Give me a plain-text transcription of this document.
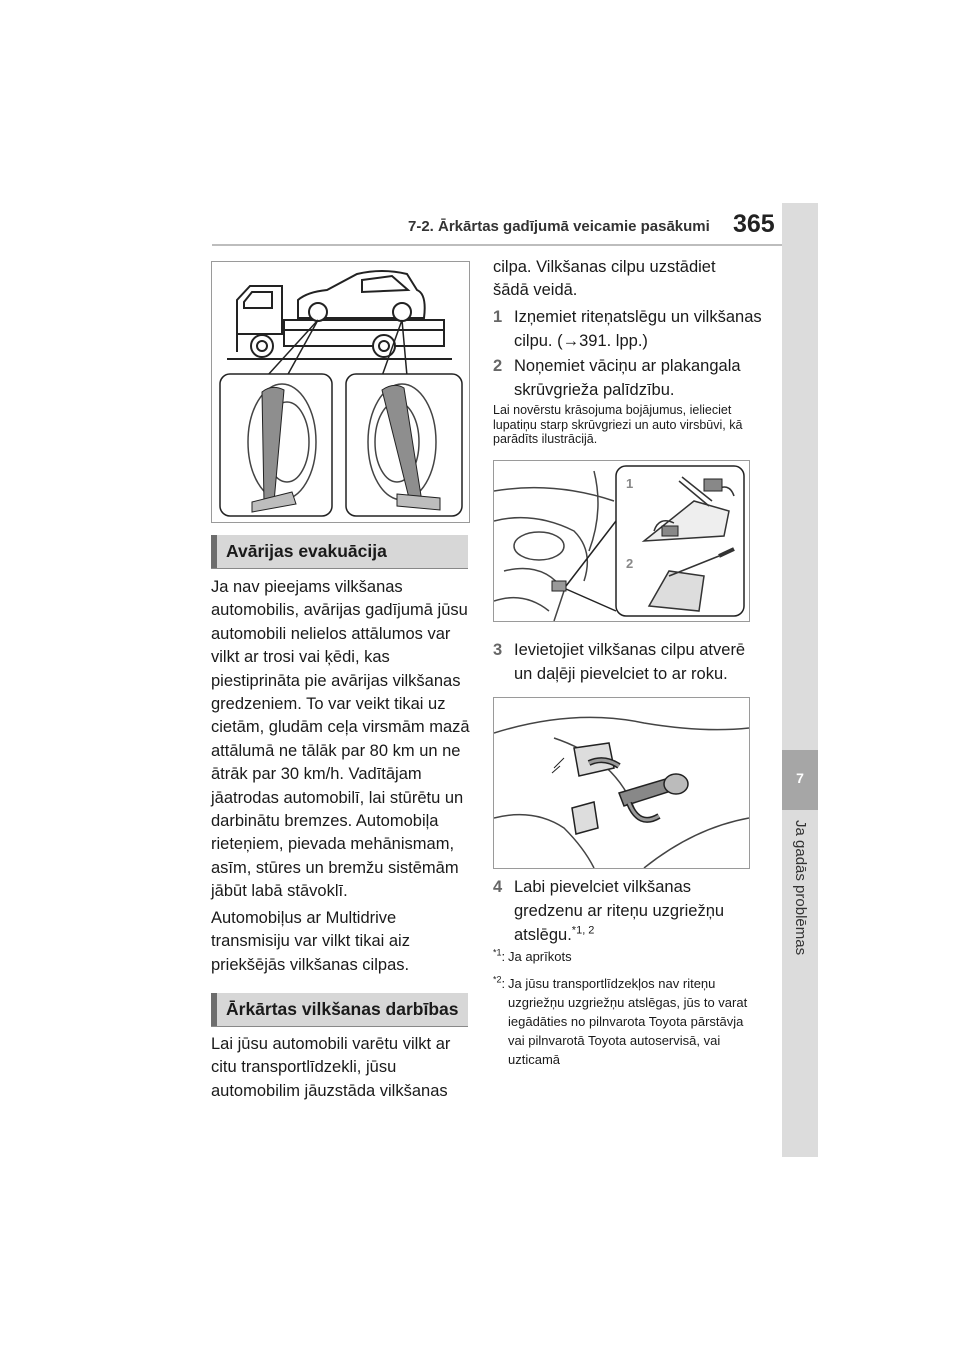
7-2. Ārkārtas gadījumā veicamie pasākumi 365
7
Ja gadās problēmas
Avārijas evakuācija
Ja nav pieejams vilkšanas automobilis, avārijas gadījumā jūsu automobili nelielos attālumos var vilkt ar trosi vai ķēdi, kas piestiprināta pie avārijas vilkšanas gredzeniem. To var veikt tikai uz cietām, gludām ceļa virsmām mazā attālumā ne tālāk par 80 km un ne ātrāk par 30 km/h. Vadītājam jāatrodas automobilī, lai stūrētu un darbinātu bremzes. Automobiļa rieteņiem, pievada mehānismam, asīm, stūres un bremžu sistēmām jābūt labā stāvoklī.
Automobiļus ar Multidrive transmisiju var vilkt tikai aiz priekšējās vilkšanas cilpas.
Ārkārtas vilkšanas darbības
Lai jūsu automobili varētu vilkt ar citu transportlīdzekli, jūsu automobilim jāuzstāda vilkšanas
cilpa. Vilkšanas cilpu uzstādiet šādā veidā.
1 Izņemiet riteņatslēgu un vilkšanas cilpu. (→391. lpp.)
2 Noņemiet vāciņu ar plakangala skrūvgrieža palīdzību.
Lai novērstu krāsojuma bojājumus, ielieciet lupatiņu starp skrūvgriezi un auto virsbūvi, kā parādīts ilustrācijā.
1
2
3 Ievietojiet vilkšanas cilpu atverē un daļēji pievelciet to ar roku.
4 Labi pievelciet vilkšanas gredzenu ar riteņu uzgriežņu atslēgu.$^{*1, 2}$
$^{*1}$: Ja aprīkots
$^{*2}$: Ja jūsu transportlīdzekļos nav riteņu uzgriežņu uzgriežņu atslēgas, jūs to varat iegādāties no pilnvarota Toyota pārstāvja vai pilnvarotā Toyota autoservisā, vai uzticamā
